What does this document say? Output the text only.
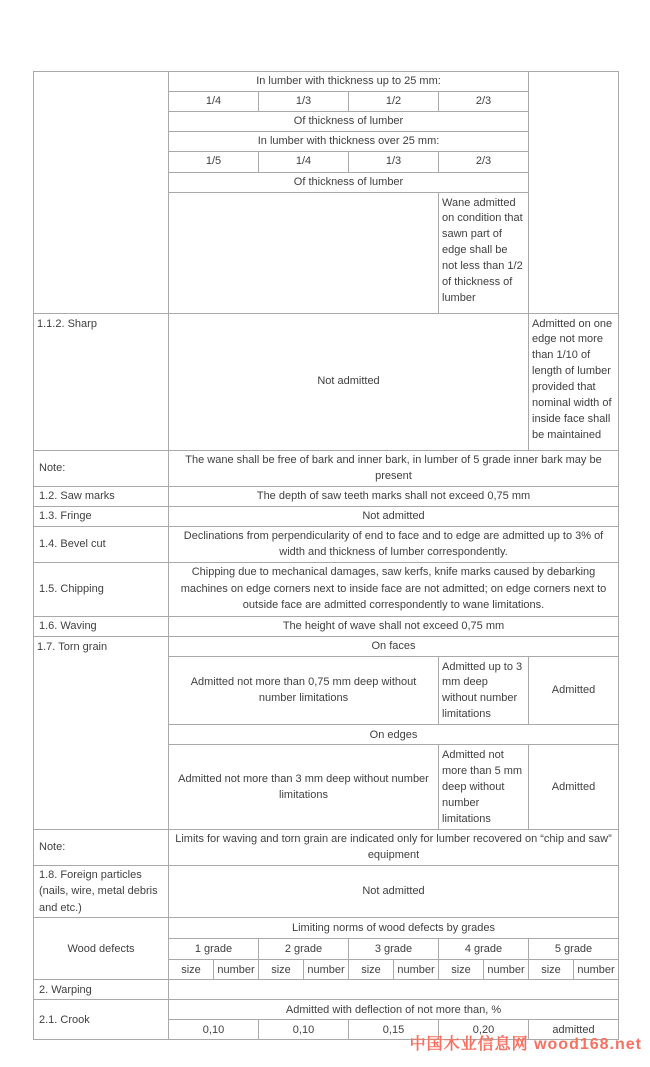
	In lumber with thickness up to 25 mm:									
	1/4		1/3		1/2		2/3			
	Of thickness of lumber									
	In lumber with thickness over 25 mm:									
	1/5		1/4		1/3		2/3			
	Of thickness of lumber									
							Wane admitted on condition that sawn part of edge shall be not less than 1/2 of thickness of lumber			
1.1.2. Sharp	Not admitted								Admitted on one edge not more than 1/10 of length of lumber provided that nominal width of inside face shall be maintained	
Note:	The wane shall be free of bark and inner bark, in lumber of 5 grade inner bark may be present									
1.2. Saw marks	The depth of saw teeth marks shall not exceed 0,75 mm									
1.3. Fringe	Not admitted									
1.4. Bevel cut	Declinations from perpendicularity of end to face and to edge are admitted up to 3% of width and thickness of lumber correspondently.									
1.5. Chipping	Chipping due to mechanical damages, saw kerfs, knife marks caused by debarking machines on edge corners next to inside face are not admitted; on edge corners next to outside face are admitted correspondently to wane limitations.									
1.6. Waving	The height of wave shall not exceed 0,75 mm									
1.7. Torn grain	On faces									
	Admitted not more than 0,75 mm deep without number limitations						Admitted up to 3 mm deep without number limitations		Admitted	
	On edges									
	Admitted not more than 3 mm deep without number limitations						Admitted not more than 5 mm deep without number limitations		Admitted	
Note:	Limits for waving and torn grain are indicated only for lumber recovered on “chip and saw” equipment									
1.8. Foreign particles (nails, wire, metal debris and etc.)	Not admitted									
Wood defects	Limiting norms of wood defects by grades									
	1 grade		2 grade		3 grade		4 grade		5 grade	
	size	number	size	number	size	number	size	number	size	number
2. Warping										
2.1. Crook	Admitted with deflection of not more than, %									
	0,10		0,10		0,15		0,20		admitted	
中国木业信息网 wood168.net
